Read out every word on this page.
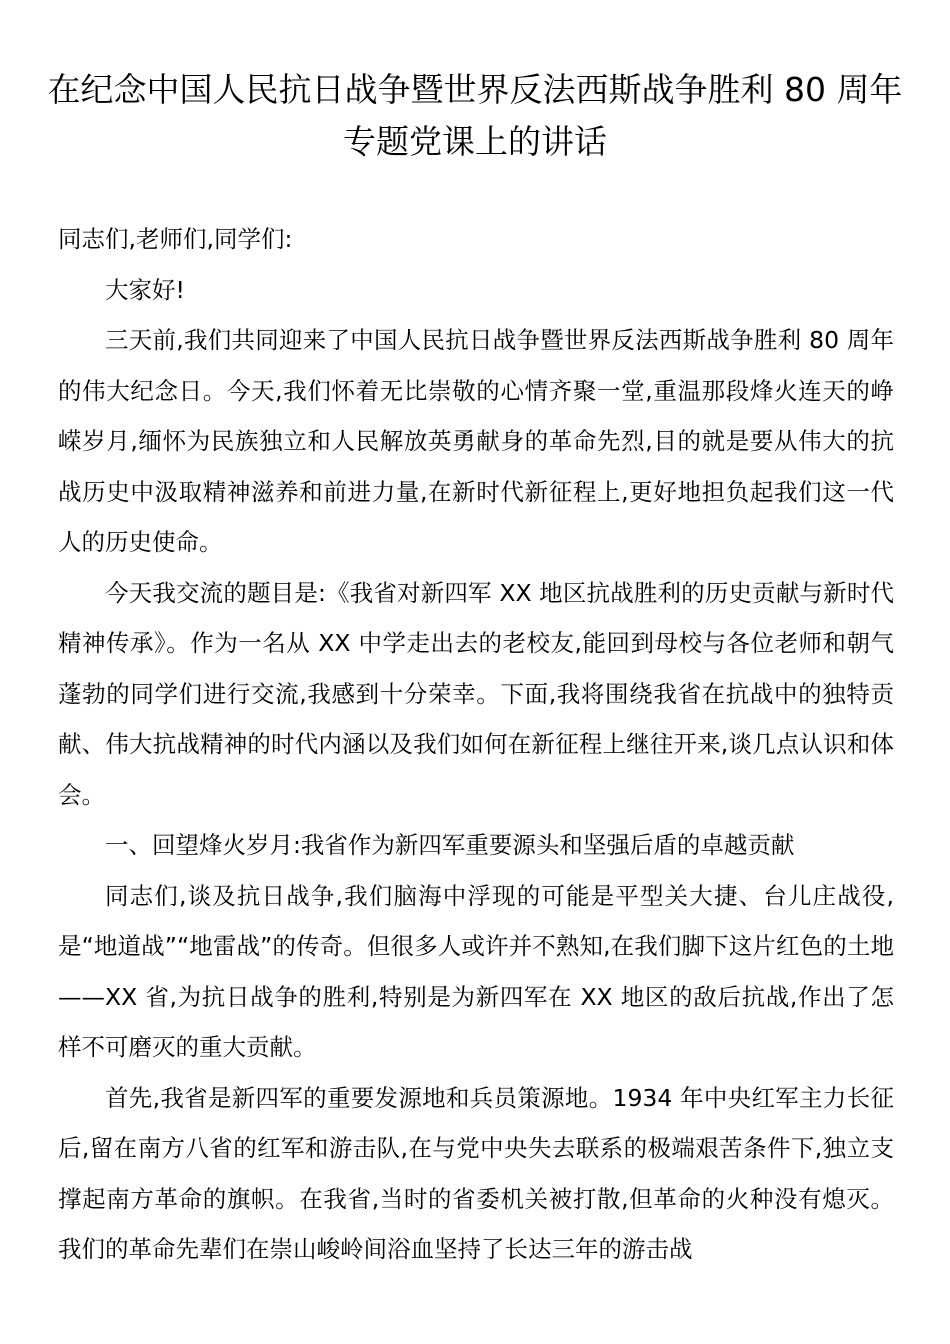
在纪念中国人民抗日战争暨世界反法西斯战争胜利 80 周年专题党课上的讲话

同志们,老师们,同学们:

大家好!

三天前,我们共同迎来了中国人民抗日战争暨世界反法西斯战争胜利 80 周年的伟大纪念日。今天,我们怀着无比崇敬的心情齐聚一堂,重温那段烽火连天的峥嵘岁月,缅怀为民族独立和人民解放英勇献身的革命先烈,目的就是要从伟大的抗战历史中汲取精神滋养和前进力量,在新时代新征程上,更好地担负起我们这一代人的历史使命。

今天我交流的题目是:《我省对新四军 XX 地区抗战胜利的历史贡献与新时代精神传承》。作为一名从 XX 中学走出去的老校友,能回到母校与各位老师和朝气蓬勃的同学们进行交流,我感到十分荣幸。下面,我将围绕我省在抗战中的独特贡献、伟大抗战精神的时代内涵以及我们如何在新征程上继往开来,谈几点认识和体会。

一、回望烽火岁月:我省作为新四军重要源头和坚强后盾的卓越贡献

同志们,谈及抗日战争,我们脑海中浮现的可能是平型关大捷、台儿庄战役,是“地道战”“地雷战”的传奇。但很多人或许并不熟知,在我们脚下这片红色的土地——XX 省,为抗日战争的胜利,特别是为新四军在 XX 地区的敌后抗战,作出了怎样不可磨灭的重大贡献。

首先,我省是新四军的重要发源地和兵员策源地。1934 年中央红军主力长征后,留在南方八省的红军和游击队,在与党中央失去联系的极端艰苦条件下,独立支撑起南方革命的旗帜。在我省,当时的省委机关被打散,但革命的火种没有熄灭。我们的革命先辈们在崇山峻岭间浴血坚持了长达三年的游击战
